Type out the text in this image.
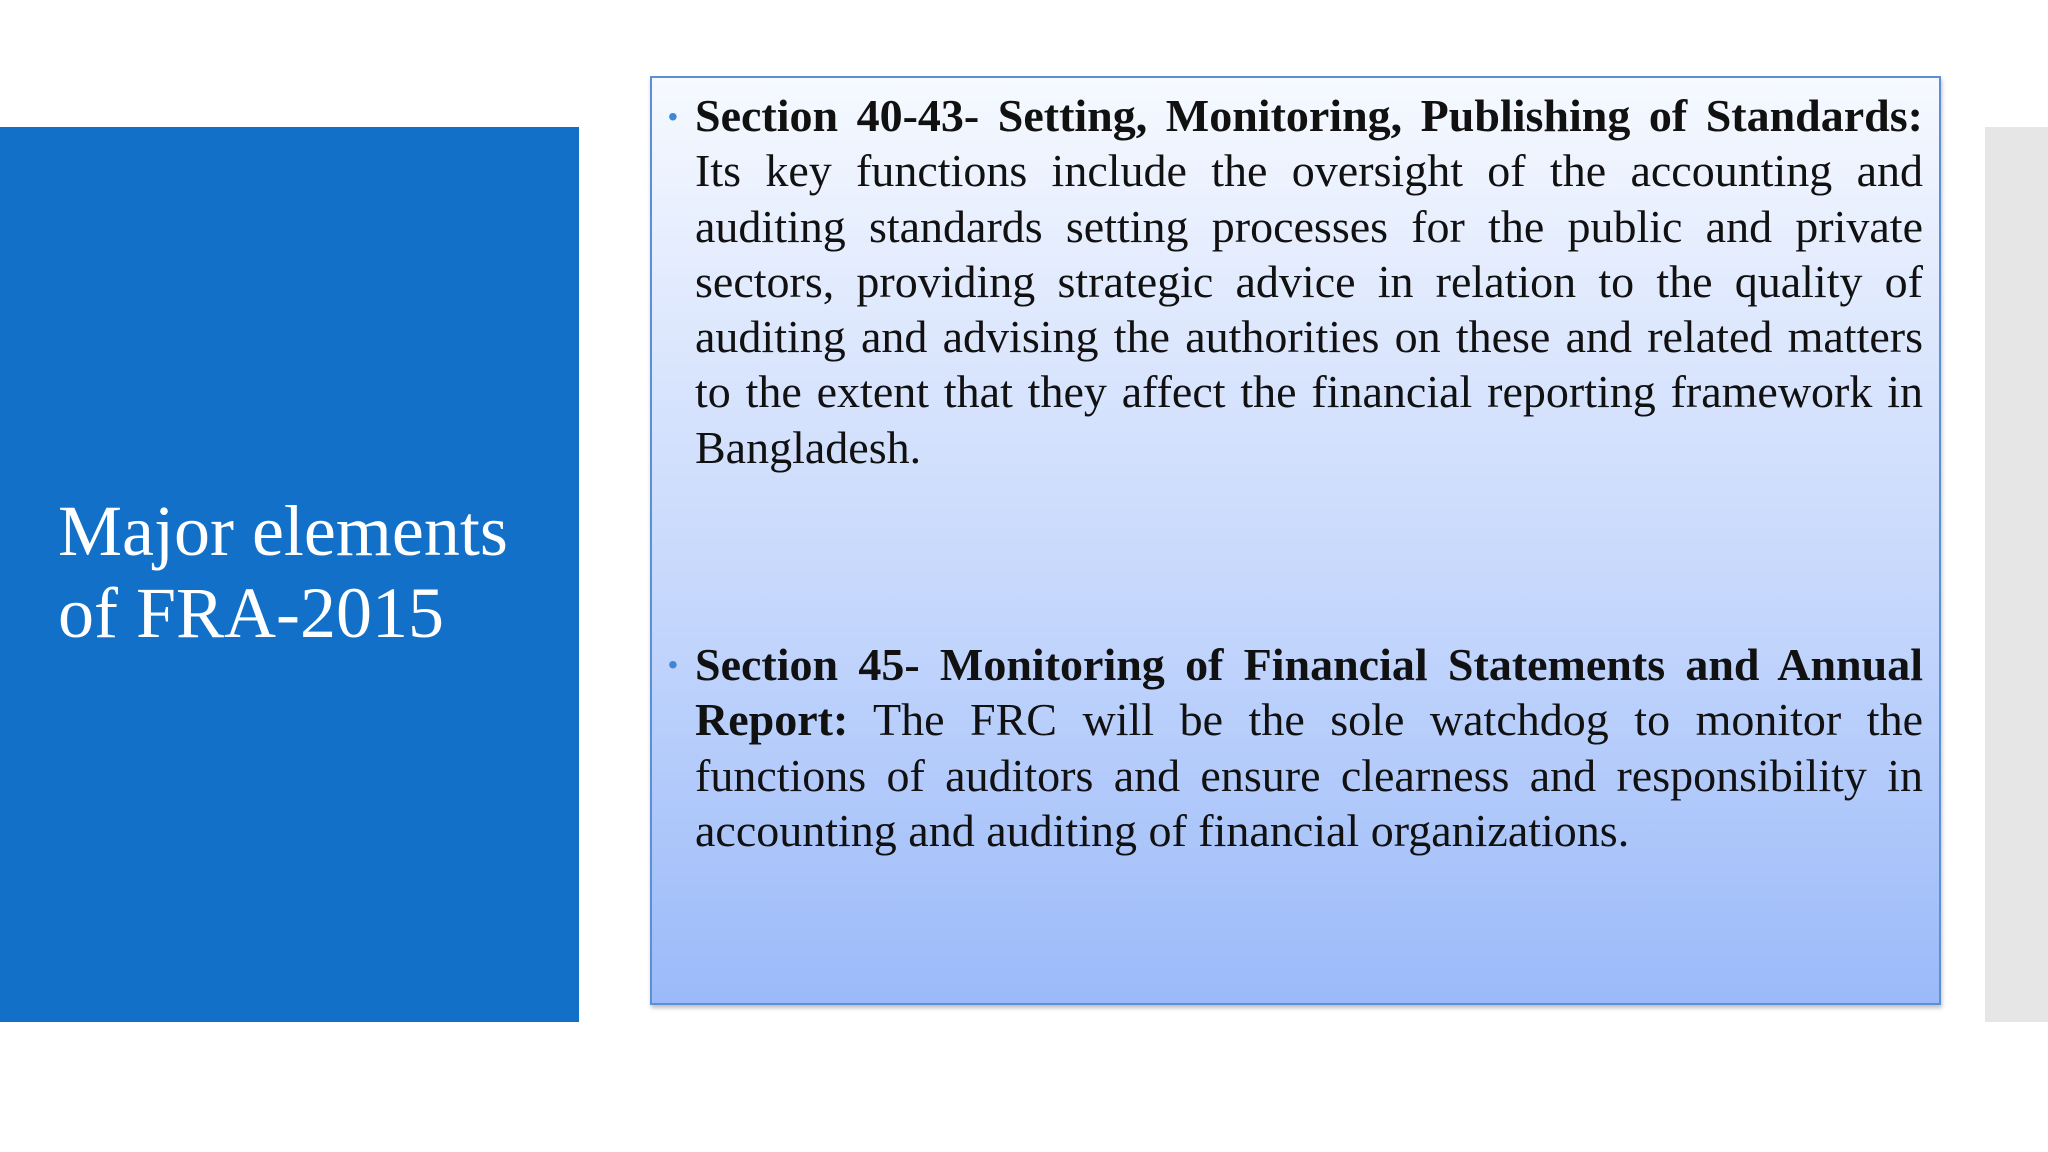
Major elements of FRA-2015
• Section 40-43- Setting, Monitoring, Publishing of Standards: Its key functions include the oversight of the accounting and auditing standards setting processes for the public and private sectors, providing strategic advice in relation to the quality of auditing and advising the authorities on these and related matters to the extent that they affect the financial reporting framework in Bangladesh.
• Section 45- Monitoring of Financial Statements and Annual Report: The FRC will be the sole watchdog to monitor the functions of auditors and ensure clearness and responsibility in accounting and auditing of financial organizations.
